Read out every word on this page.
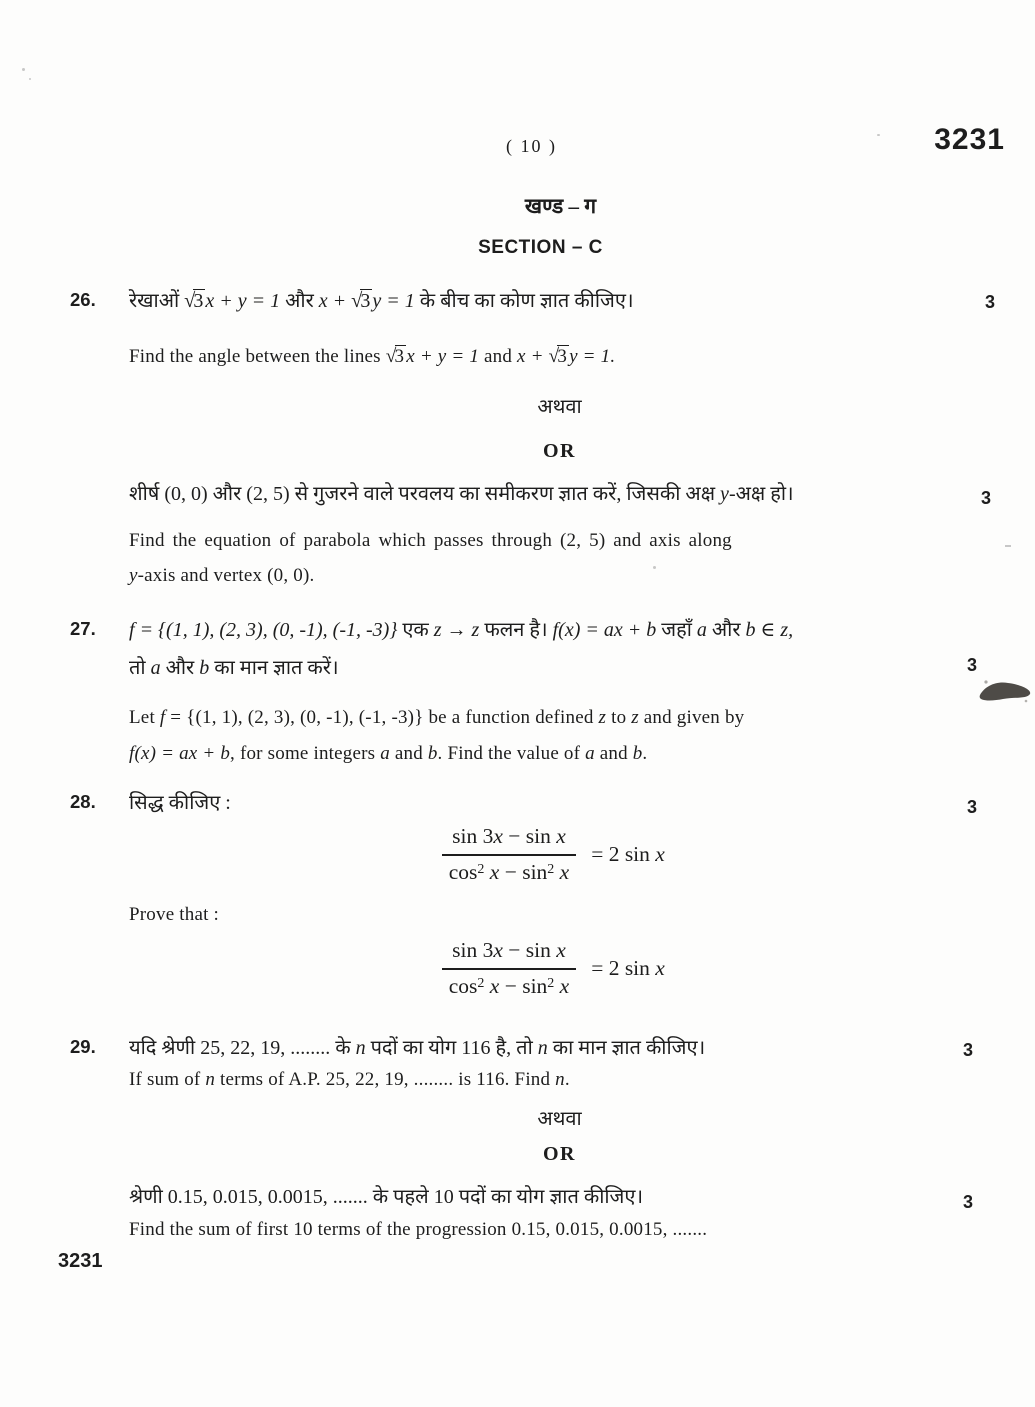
( 10 )	3231
खण्ड – ग
SECTION – C
26. रेखाओं √3 x + y = 1 और x + √3 y = 1 के बीच का कोण ज्ञात कीजिए।	3
Find the angle between the lines √3 x + y = 1 and x + √3 y = 1.
अथवा
OR
शीर्ष (0, 0) और (2, 5) से गुजरने वाले परवलय का समीकरण ज्ञात करें, जिसकी अक्ष y-अक्ष हो।	3
Find the equation of parabola which passes through (2, 5) and axis along
y-axis and vertex (0, 0).
27. f = {(1, 1), (2, 3), (0, -1), (-1, -3)} एक z → z फलन है। f(x) = ax + b जहाँ a और b ∈ z,
तो a और b का मान ज्ञात करें।	3
Let f = {(1, 1), (2, 3), (0, -1), (-1, -3)} be a function defined z to z and given by
f(x) = ax + b, for some integers a and b. Find the value of a and b.
28. सिद्ध कीजिए :	3
$\frac{\text{sin 3x − sin x}}{\cos^2 x - \sin^2 x} = 2$ sin x
Prove that :
$\frac{\text{sin 3x − sin x}}{\cos^2 x - \sin^2 x} = 2$ sin x
29. यदि श्रेणी 25, 22, 19, ........ के n पदों का योग 116 है, तो n का मान ज्ञात कीजिए।	3
If sum of n terms of A.P. 25, 22, 19, ........ is 116. Find n.
अथवा
OR
श्रेणी 0.15, 0.015, 0.0015, ....... के पहले 10 पदों का योग ज्ञात कीजिए।	3
Find the sum of first 10 terms of the progression 0.15, 0.015, 0.0015, .......
3231
